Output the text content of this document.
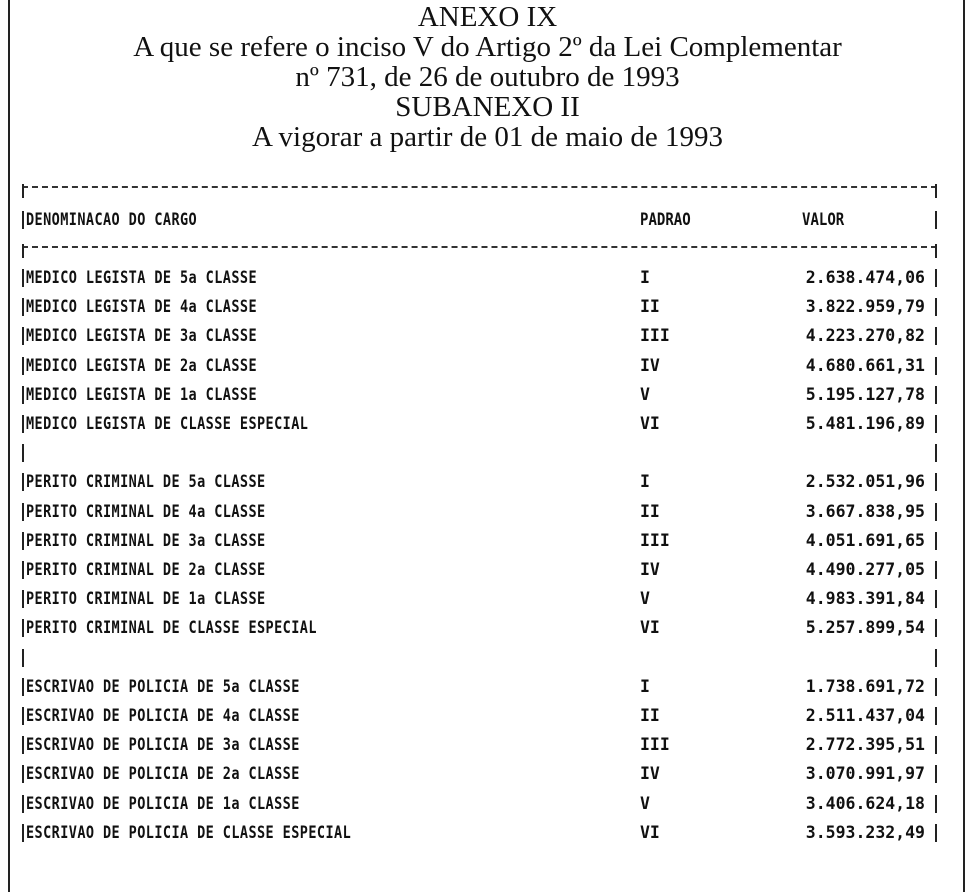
ANEXO IX
A que se refere o inciso V do Artigo 2º da Lei Complementar
nº 731, de 26 de outubro de 1993
SUBANEXO II
A vigorar a partir de 01 de maio de 1993
DENOMINACAO DO CARGO	PADRAO	VALOR
MEDICO LEGISTA DE 5a CLASSE	I	2.638.474,06
MEDICO LEGISTA DE 4a CLASSE	II	3.822.959,79
MEDICO LEGISTA DE 3a CLASSE	III	4.223.270,82
MEDICO LEGISTA DE 2a CLASSE	IV	4.680.661,31
MEDICO LEGISTA DE 1a CLASSE	V	5.195.127,78
MEDICO LEGISTA DE CLASSE ESPECIAL	VI	5.481.196,89
PERITO CRIMINAL DE 5a CLASSE	I	2.532.051,96
PERITO CRIMINAL DE 4a CLASSE	II	3.667.838,95
PERITO CRIMINAL DE 3a CLASSE	III	4.051.691,65
PERITO CRIMINAL DE 2a CLASSE	IV	4.490.277,05
PERITO CRIMINAL DE 1a CLASSE	V	4.983.391,84
PERITO CRIMINAL DE CLASSE ESPECIAL	VI	5.257.899,54
ESCRIVAO DE POLICIA DE 5a CLASSE	I	1.738.691,72
ESCRIVAO DE POLICIA DE 4a CLASSE	II	2.511.437,04
ESCRIVAO DE POLICIA DE 3a CLASSE	III	2.772.395,51
ESCRIVAO DE POLICIA DE 2a CLASSE	IV	3.070.991,97
ESCRIVAO DE POLICIA DE 1a CLASSE	V	3.406.624,18
ESCRIVAO DE POLICIA DE CLASSE ESPECIAL	VI	3.593.232,49
